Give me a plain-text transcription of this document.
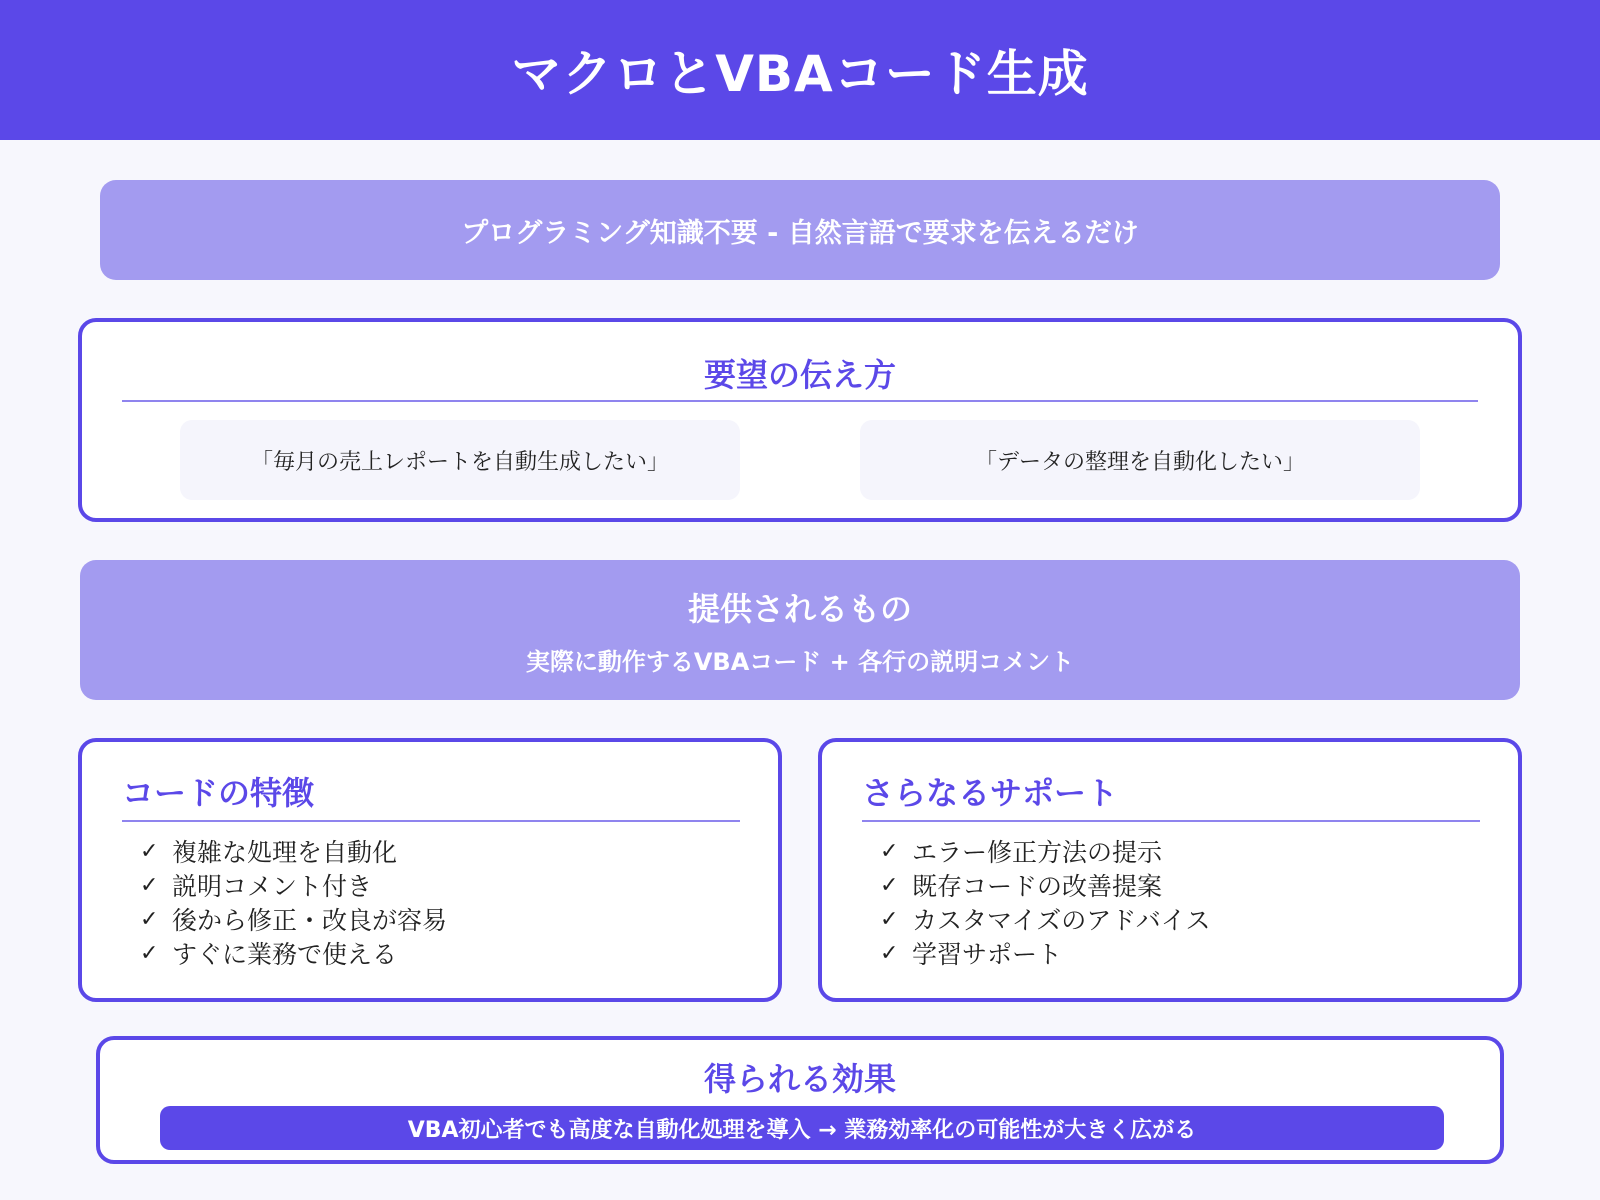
マクロとVBAコード生成
プログラミング知識不要 - 自然言語で要求を伝えるだけ
要望の伝え方
「毎月の売上レポートを自動生成したい」	「データの整理を自動化したい」
提供されるもの
実際に動作するVBAコード + 各行の説明コメント
コードの特徴
✓ 複雑な処理を自動化
✓ 説明コメント付き
✓ 後から修正・改良が容易
✓ すぐに業務で使える
さらなるサポート
✓ エラー修正方法の提示
✓ 既存コードの改善提案
✓ カスタマイズのアドバイス
✓ 学習サポート
得られる効果
VBA初心者でも高度な自動化処理を導入 → 業務効率化の可能性が大きく広がる
